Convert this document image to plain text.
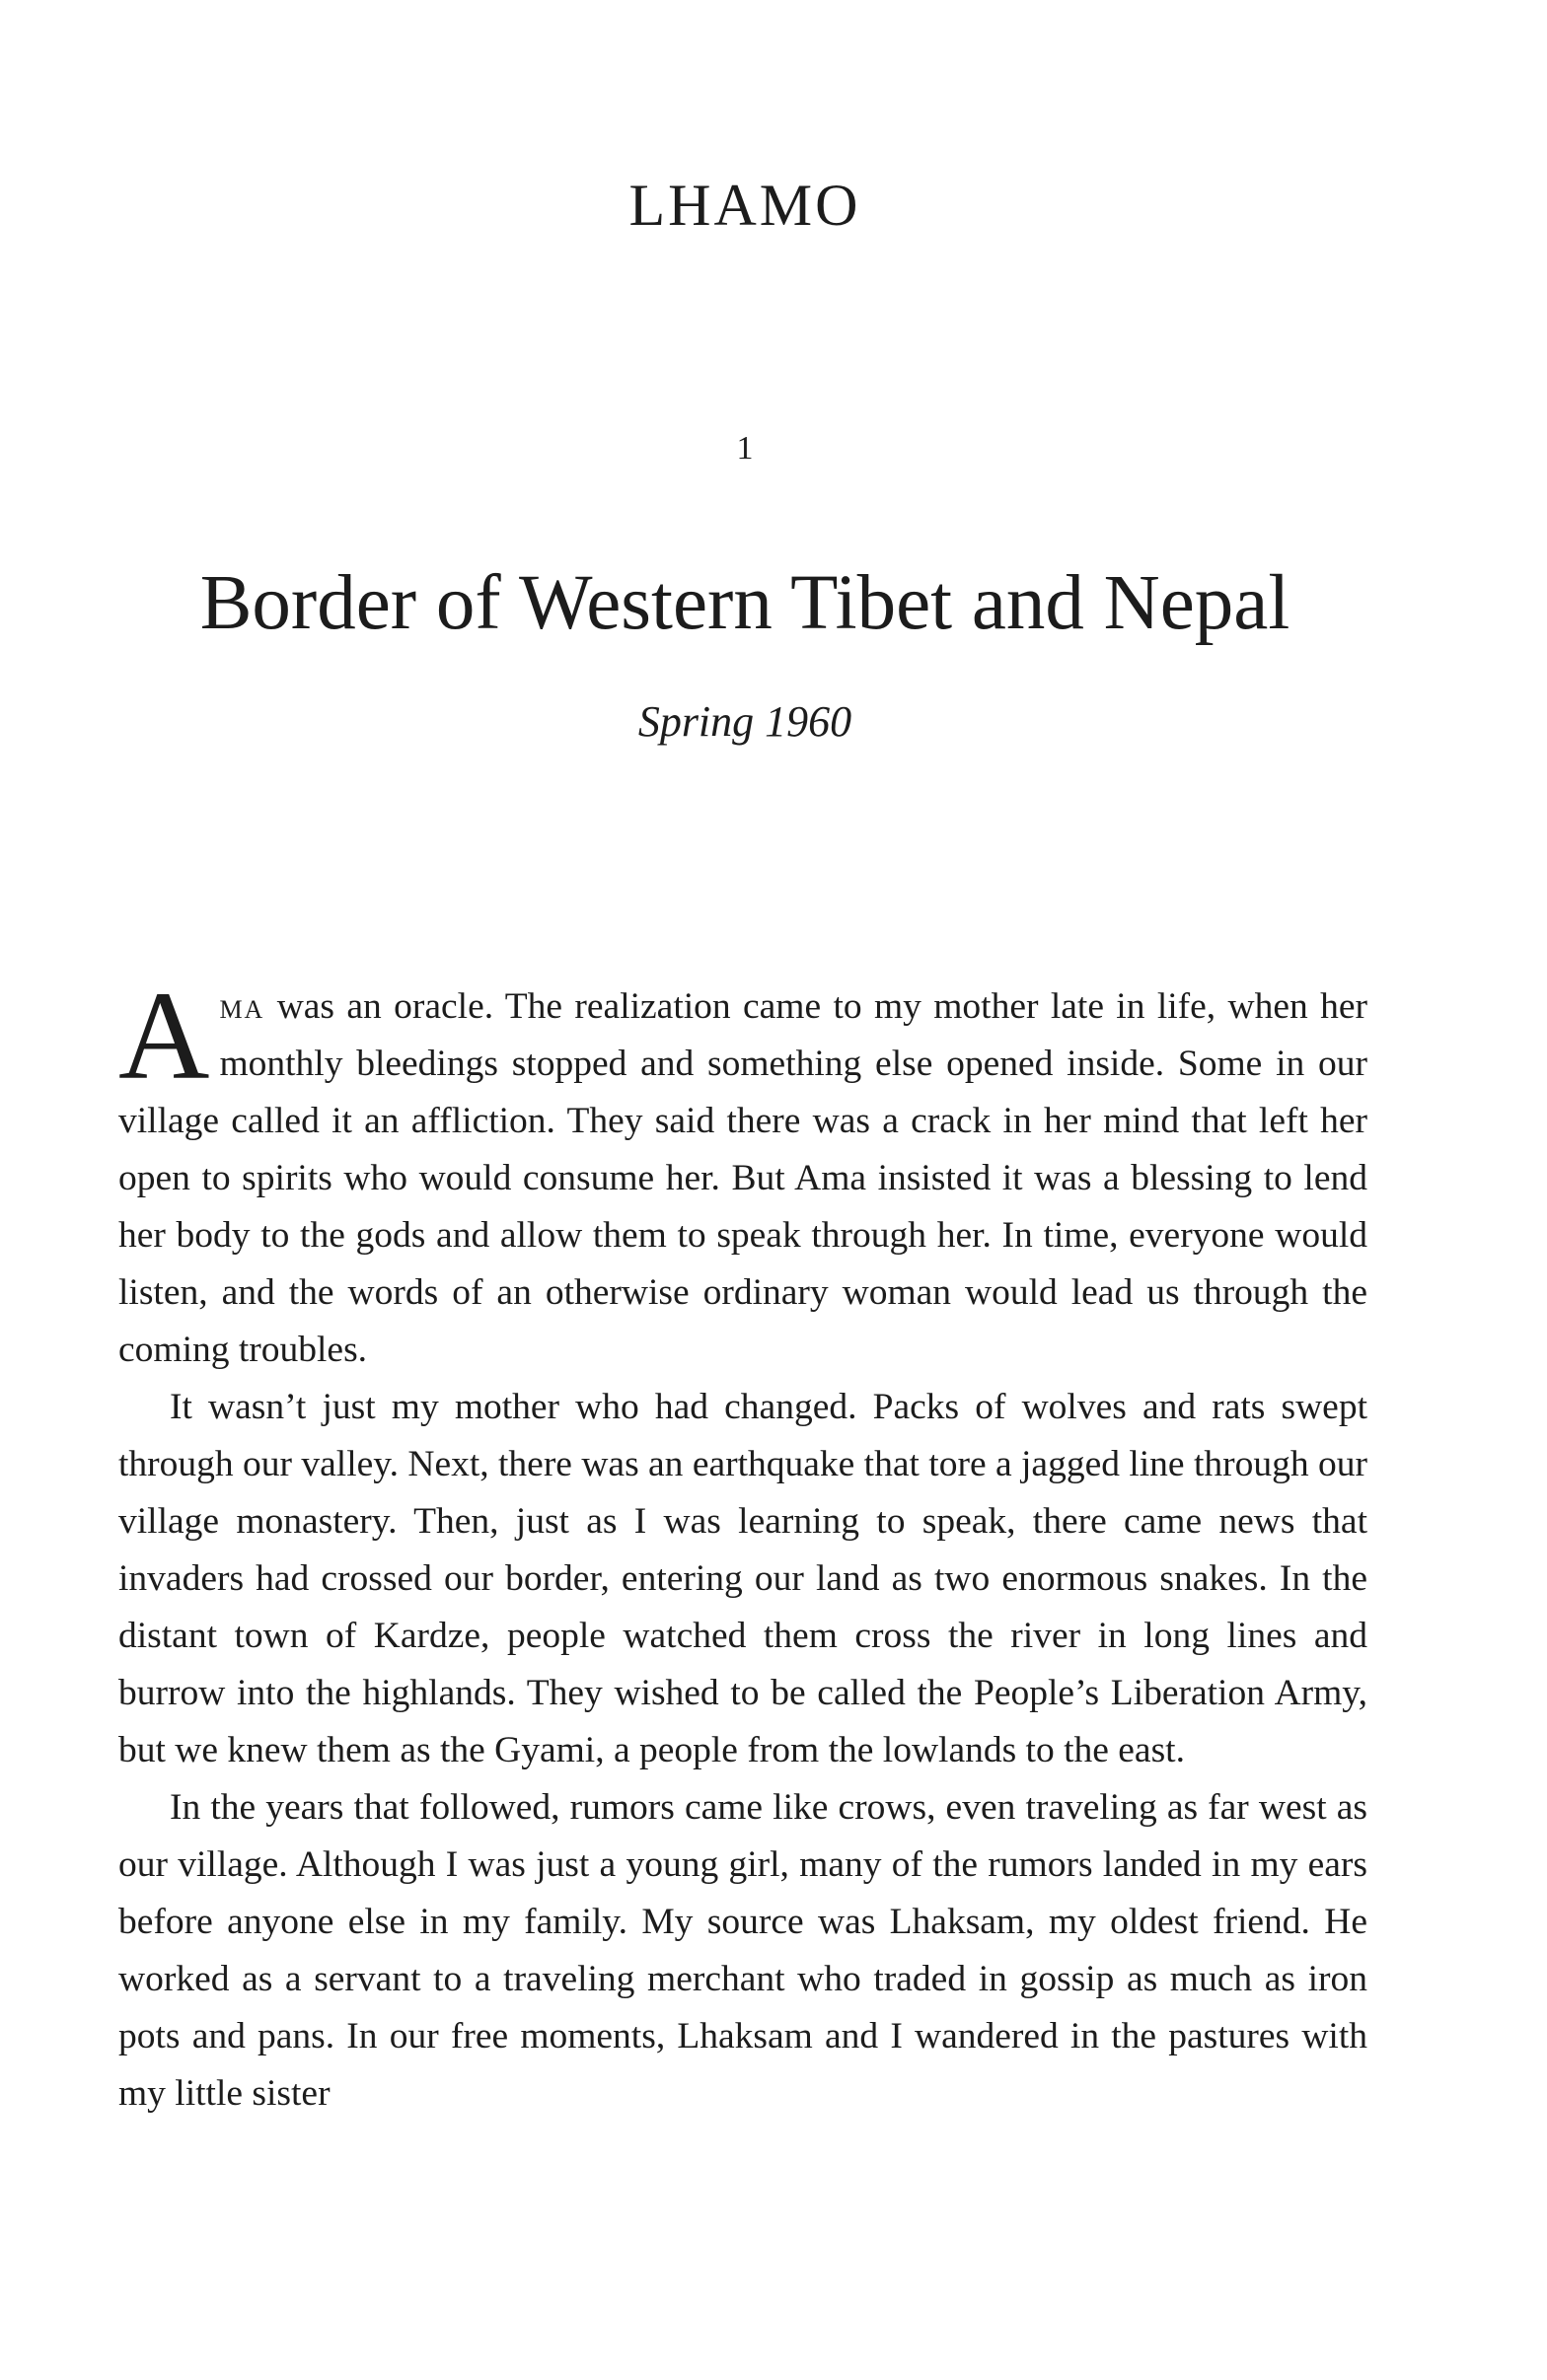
LHAMO
1
Border of Western Tibet and Nepal
Spring 1960

Ama was an oracle. The realization came to my mother late in life, when her monthly bleedings stopped and something else opened inside. Some in our village called it an affliction. They said there was a crack in her mind that left her open to spirits who would consume her. But Ama insisted it was a blessing to lend her body to the gods and allow them to speak through her. In time, everyone would listen, and the words of an otherwise ordinary woman would lead us through the coming troubles.

It wasn’t just my mother who had changed. Packs of wolves and rats swept through our valley. Next, there was an earthquake that tore a jagged line through our village monastery. Then, just as I was learning to speak, there came news that invaders had crossed our border, entering our land as two enormous snakes. In the distant town of Kardze, people watched them cross the river in long lines and burrow into the highlands. They wished to be called the People’s Liberation Army, but we knew them as the Gyami, a people from the lowlands to the east.

In the years that followed, rumors came like crows, even traveling as far west as our village. Although I was just a young girl, many of the rumors landed in my ears before anyone else in my family. My source was Lhaksam, my oldest friend. He worked as a servant to a traveling merchant who traded in gossip as much as iron pots and pans. In our free moments, Lhaksam and I wandered in the pastures with my little sister
